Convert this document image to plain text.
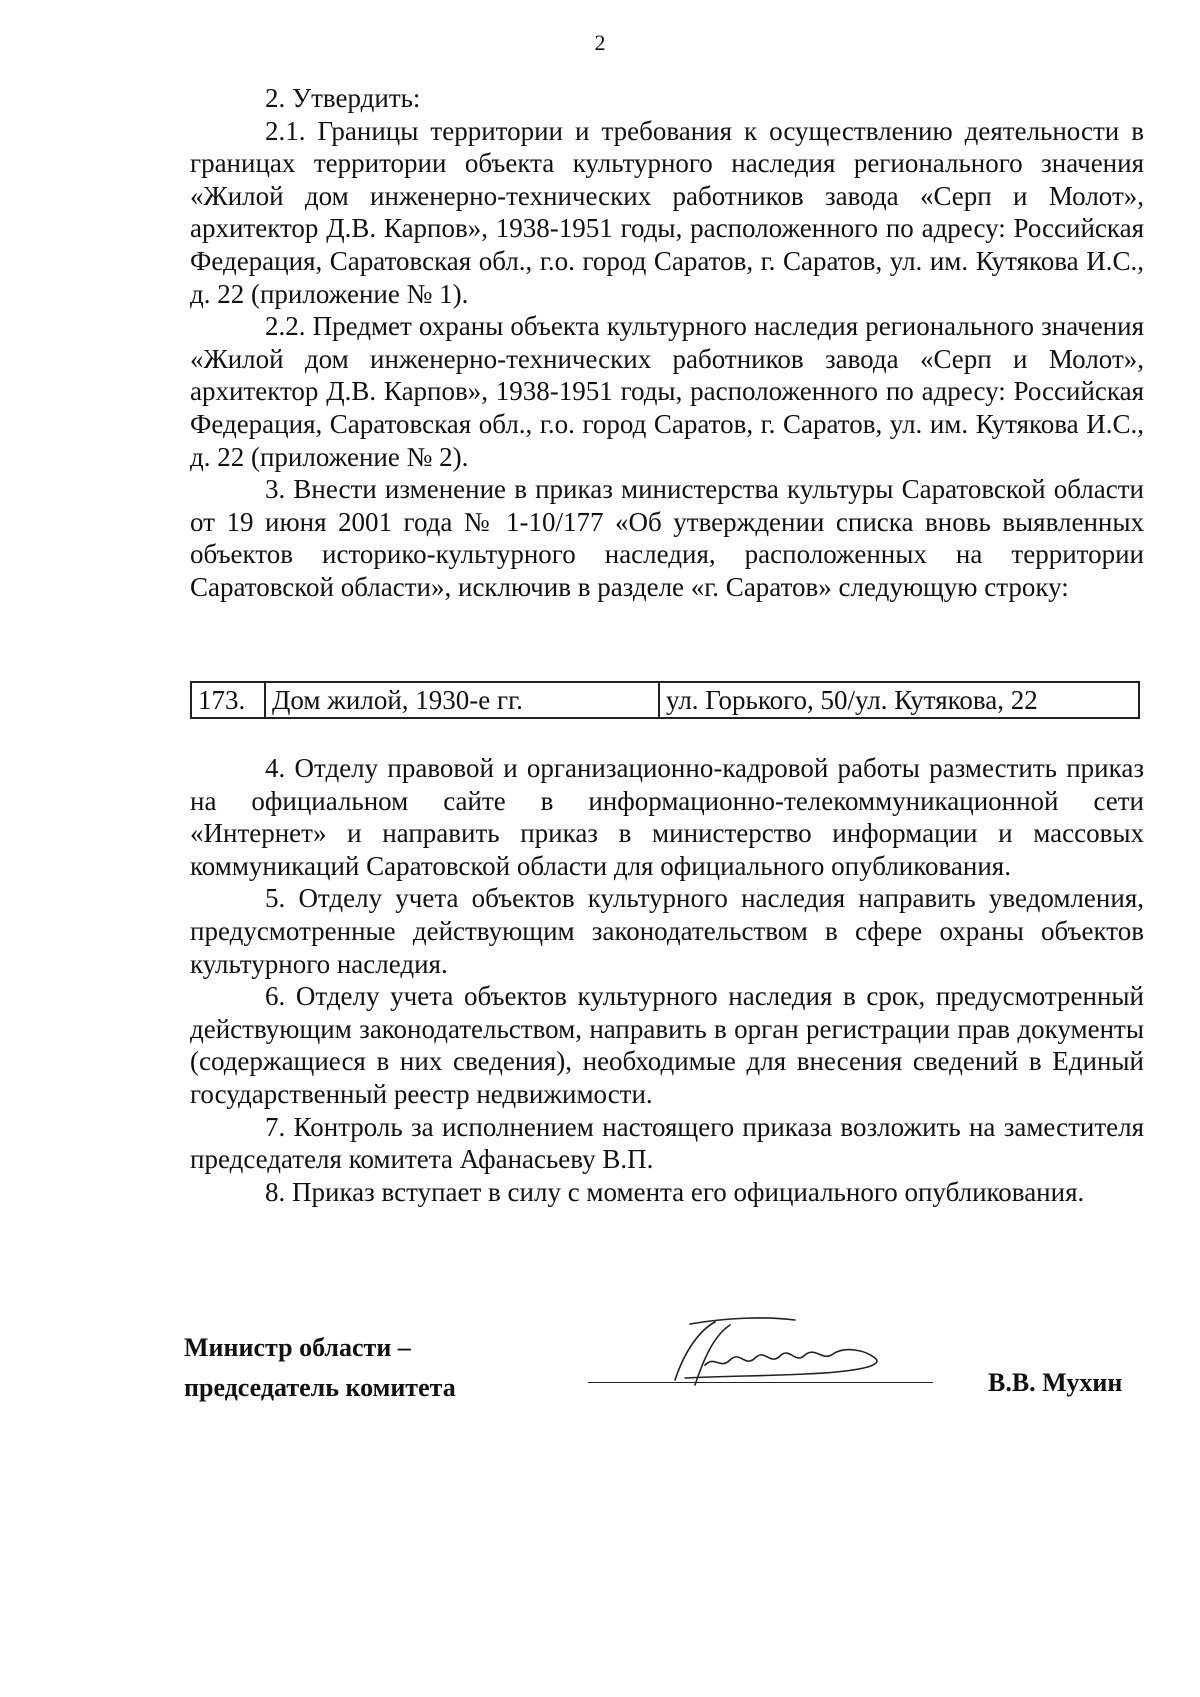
2

2. Утвердить:

2.1. Границы территории и требования к осуществлению деятельности в границах территории объекта культурного наследия регионального значения «Жилой дом инженерно-технических работников завода «Серп и Молот», архитектор Д.В. Карпов», 1938-1951 годы, расположенного по адресу: Российская Федерация, Саратовская обл., г.о. город Саратов, г. Саратов, ул. им. Кутякова И.С., д. 22 (приложение № 1).

2.2. Предмет охраны объекта культурного наследия регионального значения «Жилой дом инженерно-технических работников завода «Серп и Молот», архитектор Д.В. Карпов», 1938-1951 годы, расположенного по адресу: Российская Федерация, Саратовская обл., г.о. город Саратов, г. Саратов, ул. им. Кутякова И.С., д. 22 (приложение № 2).

3. Внести изменение в приказ министерства культуры Саратовской области от 19 июня 2001 года № 1-10/177 «Об утверждении списка вновь выявленных объектов историко-культурного наследия, расположенных на территории Саратовской области», исключив в разделе «г. Саратов» следующую строку:

173.	Дом жилой, 1930-е гг.	ул. Горького, 50/ул. Кутякова, 22

4. Отделу правовой и организационно-кадровой работы разместить приказ на официальном сайте в информационно-телекоммуникационной сети «Интернет» и направить приказ в министерство информации и массовых коммуникаций Саратовской области для официального опубликования.

5. Отделу учета объектов культурного наследия направить уведомления, предусмотренные действующим законодательством в сфере охраны объектов культурного наследия.

6. Отделу учета объектов культурного наследия в срок, предусмотренный действующим законодательством, направить в орган регистрации прав документы (содержащиеся в них сведения), необходимые для внесения сведений в Единый государственный реестр недвижимости.

7. Контроль за исполнением настоящего приказа возложить на заместителя председателя комитета Афанасьеву В.П.

8. Приказ вступает в силу с момента его официального опубликования.

Министр области –
председатель комитета	В.В. Мухин
